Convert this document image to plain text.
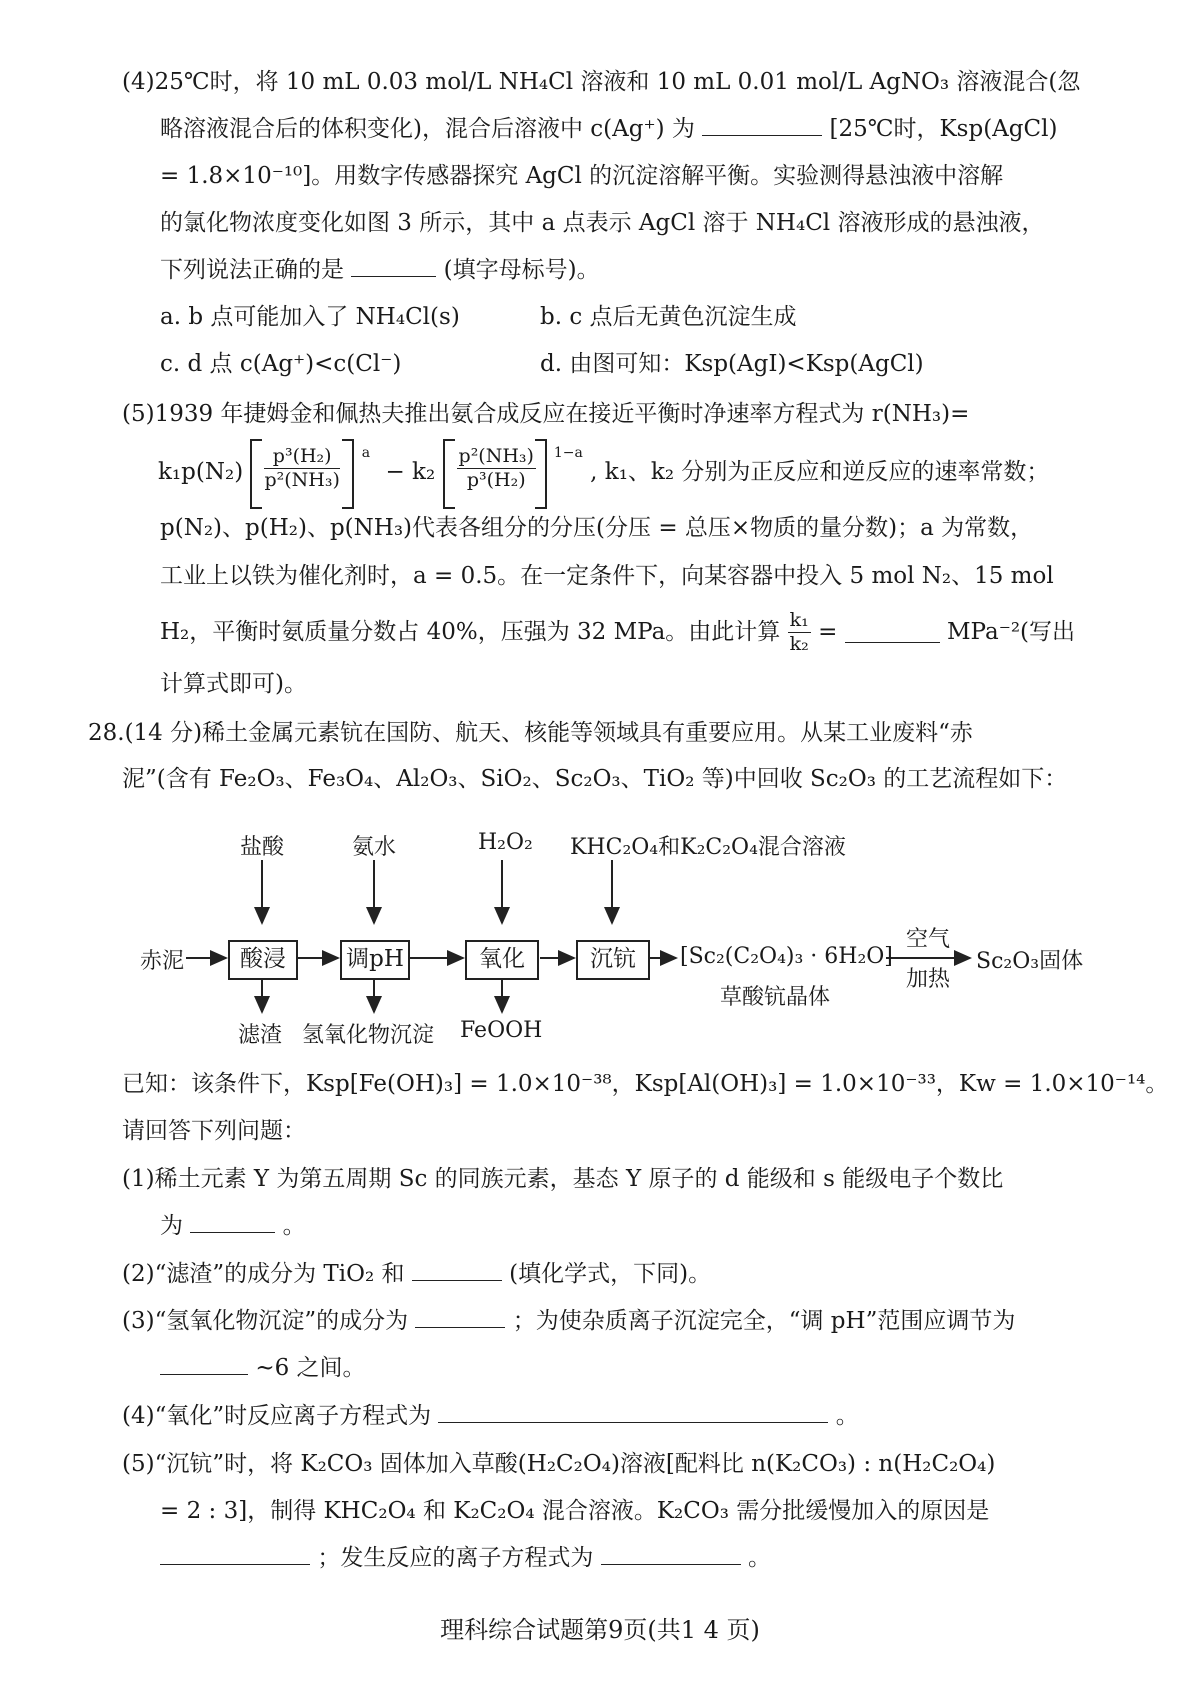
(4)25℃时，将 10 mL 0.03 mol/L NH₄Cl 溶液和 10 mL 0.01 mol/L AgNO₃ 溶液混合(忽
略溶液混合后的体积变化)，混合后溶液中 c(Ag⁺) 为	[25℃时，Ksp(AgCl)
= 1.8×10⁻¹⁰]。用数字传感器探究 AgCl 的沉淀溶解平衡。实验测得悬浊液中溶解
的氯化物浓度变化如图 3 所示，其中 a 点表示 AgCl 溶于 NH₄Cl 溶液形成的悬浊液，
下列说法正确的是	(填字母标号)。
a. b 点可能加入了 NH₄Cl(s)	b. c 点后无黄色沉淀生成
c. d 点 c(Ag⁺)<c(Cl⁻)	d. 由图可知：Ksp(AgI)<Ksp(AgCl)
(5)1939 年捷姆金和佩热夫推出氨合成反应在接近平衡时净速率方程式为 r(NH₃)=
$k_1p(N_2) \frac{\text{p³(H₂)}}{\text{p²(NH₃)}} ^a - k_2 \frac{\text{p²(NH₃)}}{\text{p³(H₂)}} ^{1-a}$ , k₁、k₂ 分别为正反应和逆反应的速率常数；
p(N₂)、p(H₂)、p(NH₃)代表各组分的分压(分压 = 总压×物质的量分数)；a 为常数，
工业上以铁为催化剂时，a = 0.5。在一定条件下，向某容器中投入 5 mol N₂、15 mol
H₂，平衡时氨质量分数占 40%，压强为 32 MPa。由此计算 $\frac{\text{k₁}}{\text{k₂}}$ =	MPa⁻²(写出
计算式即可)。
28.(14 分)稀土金属元素钪在国防、航天、核能等领域具有重要应用。从某工业废料“赤
泥”(含有 Fe₂O₃、Fe₃O₄、Al₂O₃、SiO₂、Sc₂O₃、TiO₂ 等)中回收 Sc₂O₃ 的工艺流程如下：
盐酸	氨水	H₂O₂ KHC₂O₄和K₂C₂O₄混合溶液
赤泥	酸浸	调pH	氧化	沉钪	[Sc₂(C₂O₄)₃ · 6H₂O]
草酸钪晶体
空气
加热
Sc₂O₃固体
滤渣 氢氧化物沉淀 FeOOH
已知：该条件下，Ksp[Fe(OH)₃] = 1.0×10⁻³⁸，Ksp[Al(OH)₃] = 1.0×10⁻³³，Kw = 1.0×10⁻¹⁴。
请回答下列问题：
(1)稀土元素 Y 为第五周期 Sc 的同族元素，基态 Y 原子的 d 能级和 s 能级电子个数比
为	。
(2)“滤渣”的成分为 TiO₂ 和	(填化学式，下同)。
(3)“氢氧化物沉淀”的成分为	；为使杂质离子沉淀完全，“调 pH”范围应调节为
~6 之间。
(4)“氧化”时反应离子方程式为	。
(5)“沉钪”时，将 K₂CO₃ 固体加入草酸(H₂C₂O₄)溶液[配料比 n(K₂CO₃) : n(H₂C₂O₄)
= 2 : 3]，制得 KHC₂O₄ 和 K₂C₂O₄ 混合溶液。K₂CO₃ 需分批缓慢加入的原因是
；发生反应的离子方程式为	。
理科综合试题第9页(共1 4 页)
